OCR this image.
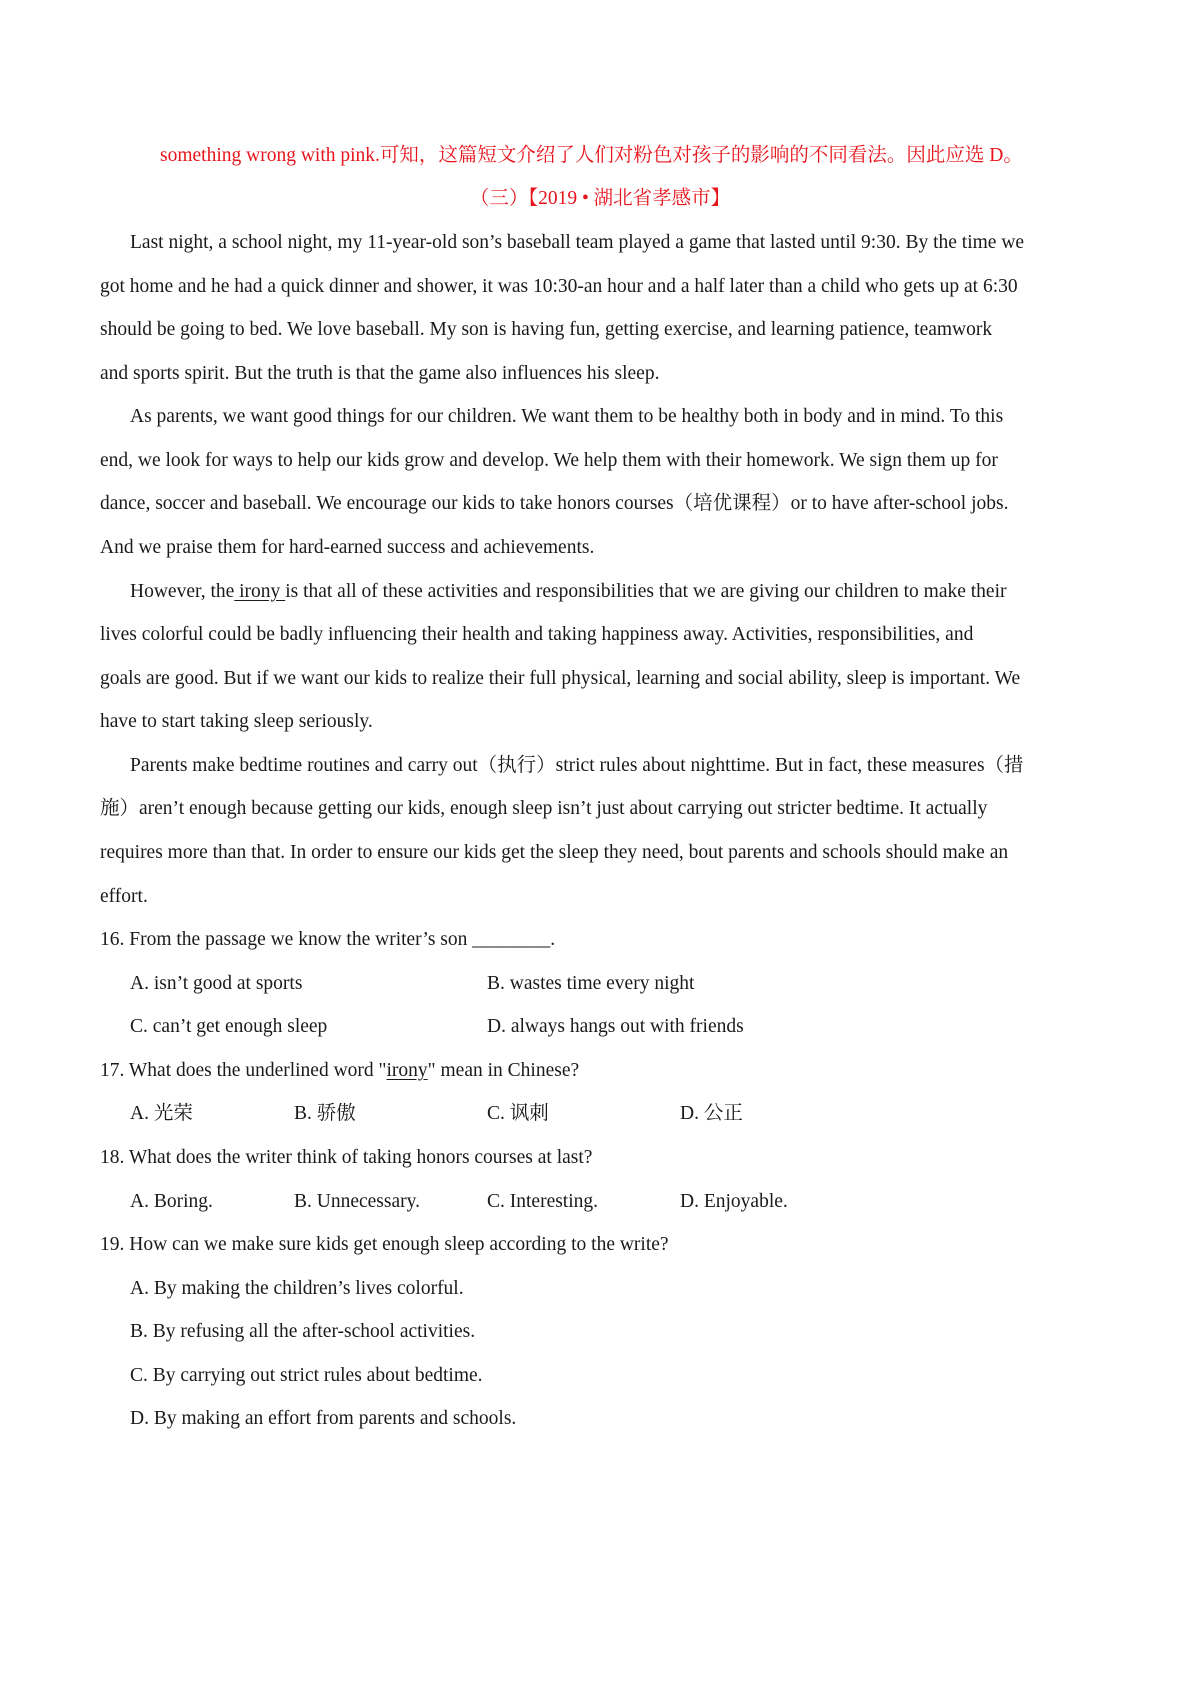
something wrong with pink.可知，这篇短文介绍了人们对粉色对孩子的影响的不同看法。因此应选 D。
（三）【2019 • 湖北省孝感市】
Last night, a school night, my 11-year-old son’s baseball team played a game that lasted until 9:30. By the time we
got home and he had a quick dinner and shower, it was 10:30-an hour and a half later than a child who gets up at 6:30
should be going to bed. We love baseball. My son is having fun, getting exercise, and learning patience, teamwork
and sports spirit. But the truth is that the game also influences his sleep.
As parents, we want good things for our children. We want them to be healthy both in body and in mind. To this
end, we look for ways to help our kids grow and develop. We help them with their homework. We sign them up for
dance, soccer and baseball. We encourage our kids to take honors courses（培优课程）or to have after-school jobs.
And we praise them for hard-earned success and achievements.
However, the irony is that all of these activities and responsibilities that we are giving our children to make their
lives colorful could be badly influencing their health and taking happiness away. Activities, responsibilities, and
goals are good. But if we want our kids to realize their full physical, learning and social ability, sleep is important. We
have to start taking sleep seriously.
Parents make bedtime routines and carry out（执行）strict rules about nighttime. But in fact, these measures（措
施）aren’t enough because getting our kids, enough sleep isn’t just about carrying out stricter bedtime. It actually
requires more than that. In order to ensure our kids get the sleep they need, bout parents and schools should make an
effort.
16. From the passage we know the writer’s son ________.
A. isn’t good at sports	B. wastes time every night
C. can’t get enough sleep	D. always hangs out with friends
17. What does the underlined word "irony" mean in Chinese?
A. 光荣	B. 骄傲	C. 讽刺	D. 公正
18. What does the writer think of taking honors courses at last?
A. Boring.	B. Unnecessary.	C. Interesting.	D. Enjoyable.
19. How can we make sure kids get enough sleep according to the write?
A. By making the children’s lives colorful.
B. By refusing all the after-school activities.
C. By carrying out strict rules about bedtime.
D. By making an effort from parents and schools.
